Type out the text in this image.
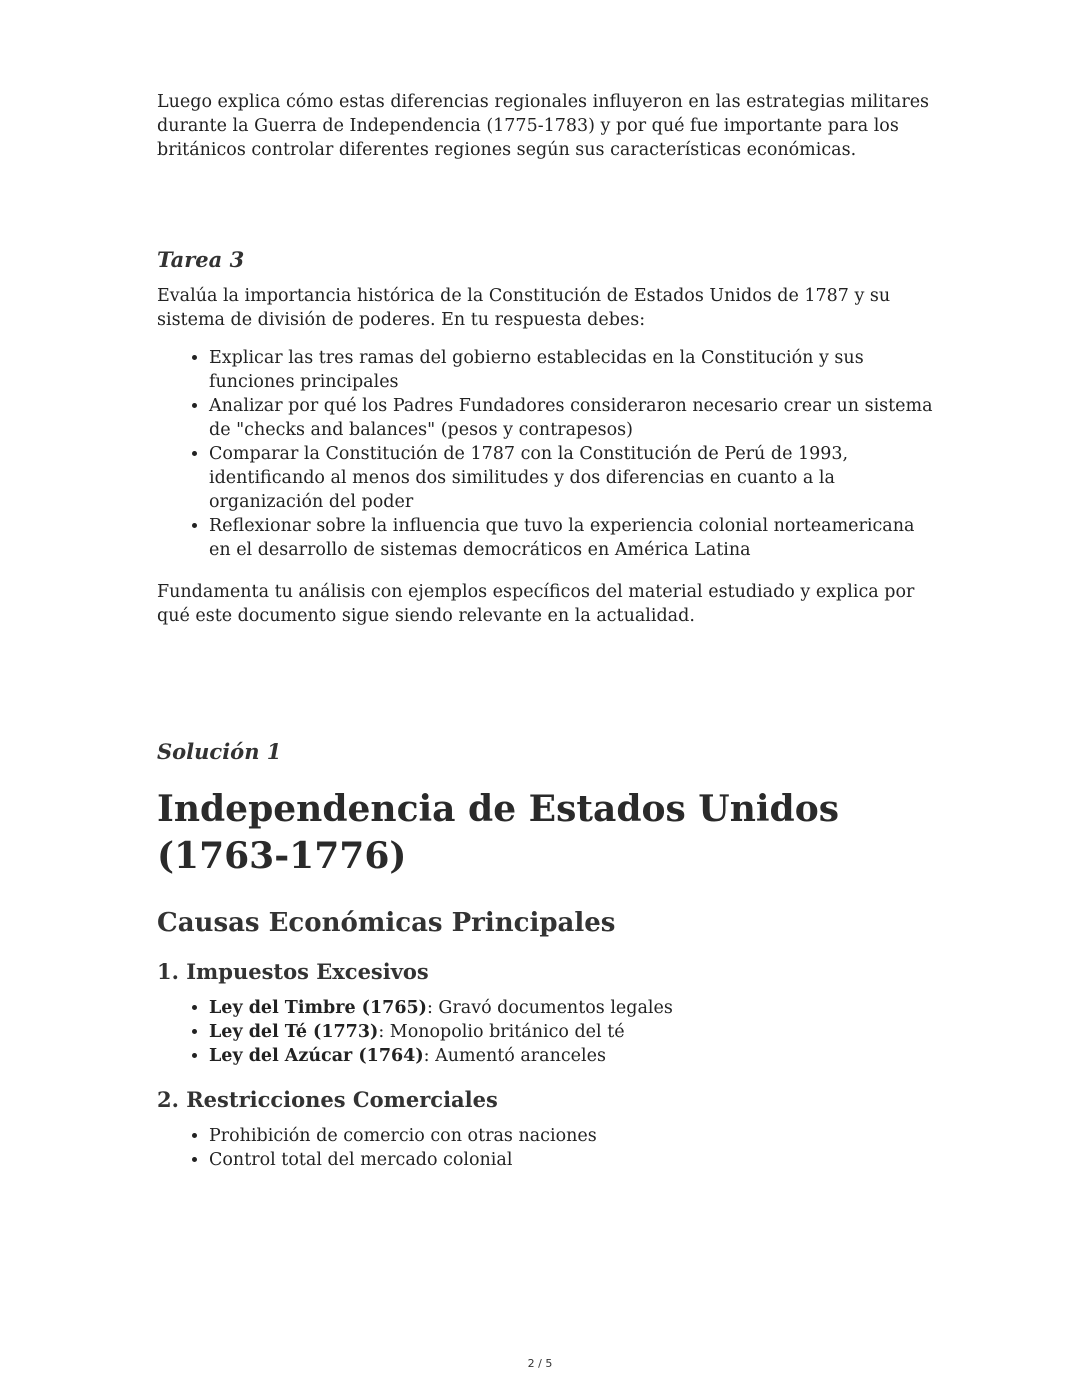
Luego explica cómo estas diferencias regionales influyeron en las estrategias militares durante la Guerra de Independencia (1775-1783) y por qué fue importante para los británicos controlar diferentes regiones según sus características económicas.

Tarea 3

Evalúa la importancia histórica de la Constitución de Estados Unidos de 1787 y su sistema de división de poderes. En tu respuesta debes:

• Explicar las tres ramas del gobierno establecidas en la Constitución y sus funciones principales
• Analizar por qué los Padres Fundadores consideraron necesario crear un sistema de "checks and balances" (pesos y contrapesos)
• Comparar la Constitución de 1787 con la Constitución de Perú de 1993, identificando al menos dos similitudes y dos diferencias en cuanto a la organización del poder
• Reflexionar sobre la influencia que tuvo la experiencia colonial norteamericana en el desarrollo de sistemas democráticos en América Latina

Fundamenta tu análisis con ejemplos específicos del material estudiado y explica por qué este documento sigue siendo relevante en la actualidad.

Solución 1
Independencia de Estados Unidos (1763-1776)
Causas Económicas Principales
1. Impuestos Excesivos
• Ley del Timbre (1765): Gravó documentos legales
• Ley del Té (1773): Monopolio británico del té
• Ley del Azúcar (1764): Aumentó aranceles
2. Restricciones Comerciales
• Prohibición de comercio con otras naciones
• Control total del mercado colonial
2 / 5
